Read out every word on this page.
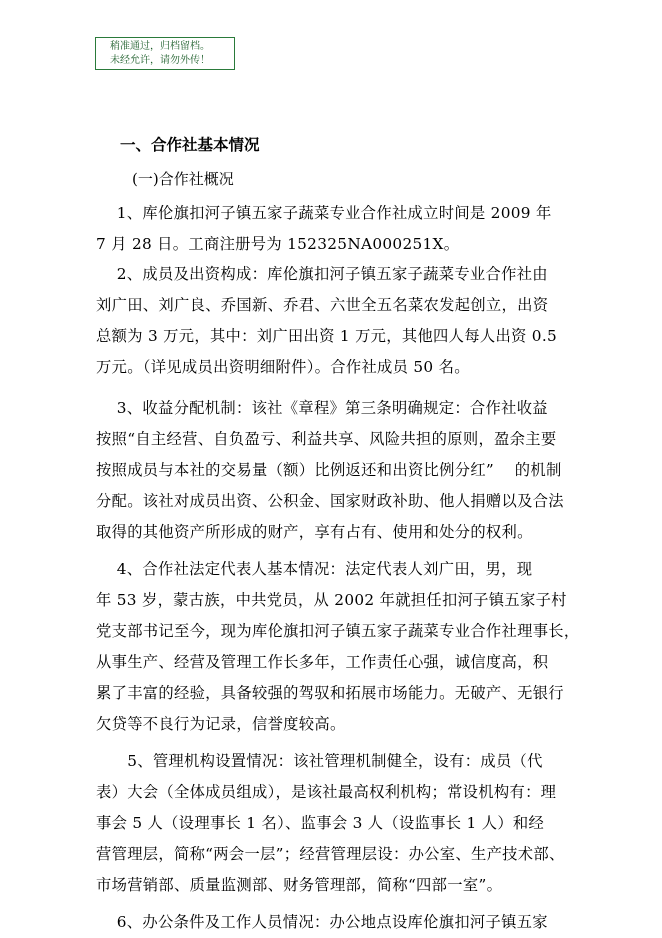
稍准通过，归档留档。
未经允许，请勿外传！
一、合作社基本情况
(一)合作社概况
　 1、库伦旗扣河子镇五家子蔬菜专业合作社成立时间是 2009 年
7 月 28 日。工商注册号为 152325NA000251X。
　 2、成员及出资构成：库伦旗扣河子镇五家子蔬菜专业合作社由
刘广田、刘广良、乔国新、乔君、六世全五名菜农发起创立，出资
总额为 3 万元，其中：刘广田出资 1 万元，其他四人每人出资 0.5
万元。（详见成员出资明细附件）。合作社成员 50 名。
　 3、收益分配机制：该社《章程》第三条明确规定：合作社收益
按照“自主经营、自负盈亏、利益共享、风险共担的原则，盈余主要
按照成员与本社的交易量（额）比例返还和出资比例分红”　 的机制
分配。该社对成员出资、公积金、国家财政补助、他人捐赠以及合法
取得的其他资产所形成的财产，享有占有、使用和处分的权利。
　 4、合作社法定代表人基本情况：法定代表人刘广田，男，现
年 53 岁，蒙古族，中共党员，从 2002 年就担任扣河子镇五家子村
党支部书记至今，现为库伦旗扣河子镇五家子蔬菜专业合作社理事长，
从事生产、经营及管理工作长多年，工作责任心强，诚信度高，积
累了丰富的经验，具备较强的驾驭和拓展市场能力。无破产、无银行
欠贷等不良行为记录，信誉度较高。
　　5、管理机构设置情况：该社管理机制健全，设有：成员（代
表）大会（全体成员组成），是该社最高权利机构；常设机构有：理
事会 5 人（设理事长 1 名）、监事会 3 人（设监事长 1 人）和经
营管理层，简称“两会一层”；经营管理层设：办公室、生产技术部、
市场营销部、质量监测部、财务管理部，简称“四部一室”。
　 6、办公条件及工作人员情况：办公地点设库伦旗扣河子镇五家
